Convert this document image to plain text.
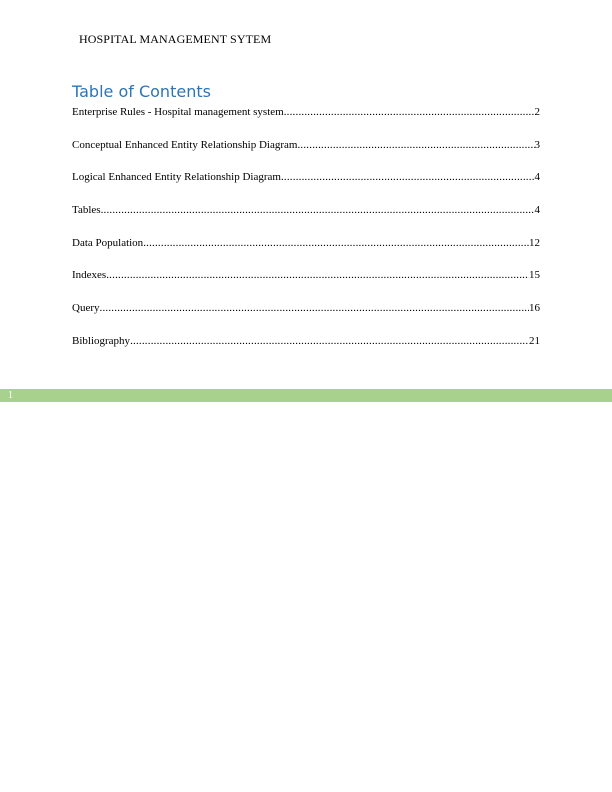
HOSPITAL MANAGEMENT SYTEM
Table of Contents
Enterprise Rules - Hospital management system .....	2
Conceptual Enhanced Entity Relationship Diagram .....	3
Logical Enhanced Entity Relationship Diagram .....	4
Tables .....	4
Data Population .....	12
Indexes .....	15
Query .....	16
Bibliography .....	21
1
